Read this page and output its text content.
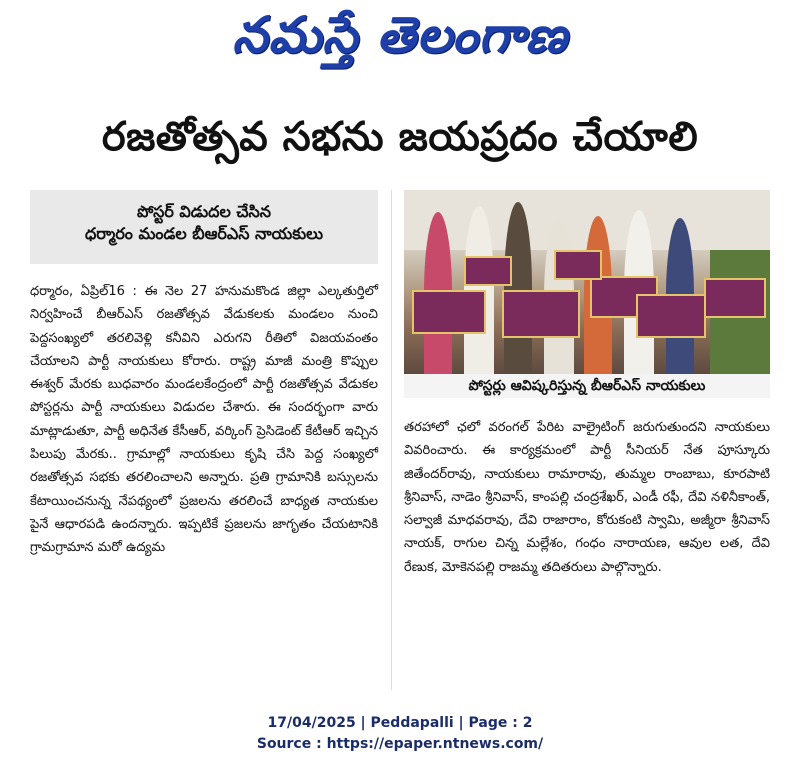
నమస్తే తెలంగాణ
రజతోత్సవ సభను జయప్రదం చేయాలి
పోస్టర్ విడుదల చేసిన
ధర్మారం మండల బీఆర్ఎస్ నాయకులు
పోస్టర్లు ఆవిష్కరిస్తున్న బీఆర్ఎస్ నాయకులు

ధర్మారం, ఏప్రిల్16 : ఈ నెల 27 హనుమకొండ జిల్లా ఎల్కతుర్తిలో నిర్వహించే బీఆర్ఎస్ రజతోత్సవ వేడుకలకు మండలం నుంచి పెద్దసంఖ్యలో తరలివెళ్లి కనీవిని ఎరుగని రీతిలో విజయవంతం చేయాలని పార్టీ నాయకులు కోరారు. రాష్ట్ర మాజీ మంత్రి కొప్పుల ఈశ్వర్ మేరకు బుధవారం మండలకేంద్రంలో పార్టీ రజతోత్సవ వేడుకల పోస్టర్లను పార్టీ నాయకులు విడుదల చేశారు. ఈ సందర్భంగా వారు మాట్లాడుతూ, పార్టీ అధినేత కేసీఆర్, వర్కింగ్ ప్రెసిడెంట్ కేటీఆర్ ఇచ్చిన పిలుపు మేరకు.. గ్రామాల్లో నాయకులు కృషి చేసి పెద్ద సంఖ్యలో రజతోత్సవ సభకు తరలించాలని అన్నారు. ప్రతి గ్రామానికి బస్సులను కేటాయించనున్న నేపథ్యంలో ప్రజలను తరలించే బాధ్యత నాయకుల పైనే ఆధారపడి ఉందన్నారు. ఇప్పటికే ప్రజలను జాగృతం చేయటానికి గ్రామగ్రామాన మరో ఉద్యమ

తరహాలో ఛలో వరంగల్ పేరిట వాల్రైటింగ్ జరుగుతుందని నాయకులు వివరించారు. ఈ కార్యక్రమంలో పార్టీ సీనియర్ నేత పూస్కూరు జితేందర్‌రావు, నాయకులు రామారావు, తుమ్మల రాంబాబు, కూరపాటి శ్రీనివాస్, నాడెం శ్రీనివాస్, కాంపల్లి చంద్రశేఖర్, ఎండీ రఫీ, దేవి నళినీకాంత్, సల్వాజీ మాధవరావు, దేవి రాజారాం, కోరుకంటి స్వామి, అజ్మీరా శ్రీనివాస్ నాయక్, రాగుల చిన్న మల్లేశం, గంధం నారాయణ, ఆవుల లత, దేవి రేణుక, మోకెనపల్లి రాజమ్మ తదితరులు పాల్గొన్నారు.

17/04/2025 | Peddapalli | Page : 2
Source : https://epaper.ntnews.com/
